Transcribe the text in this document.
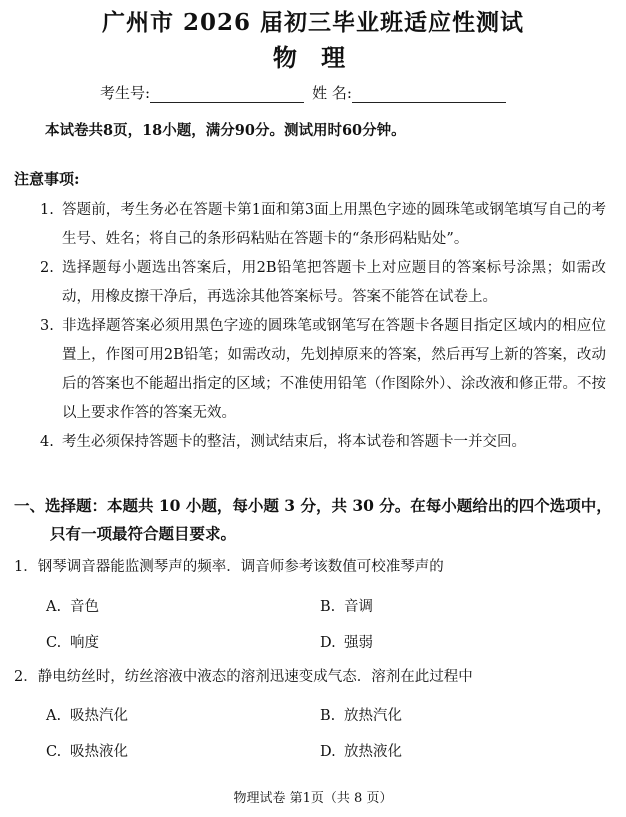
广州市 2026 届初三毕业班适应性测试
物 理
考生号:	姓 名:
本试卷共8页，18小题，满分90分。测试用时60分钟。
注意事项:
1. 答题前，考生务必在答题卡第1面和第3面上用黑色字迹的圆珠笔或钢笔填写自己的考生号、姓名；将自己的条形码粘贴在答题卡的“条形码粘贴处”。
2. 选择题每小题选出答案后，用2B铅笔把答题卡上对应题目的答案标号涂黑；如需改动，用橡皮擦干净后，再选涂其他答案标号。答案不能答在试卷上。
3. 非选择题答案必须用黑色字迹的圆珠笔或钢笔写在答题卡各题目指定区域内的相应位置上，作图可用2B铅笔；如需改动，先划掉原来的答案，然后再写上新的答案，改动后的答案也不能超出指定的区域；不准使用铅笔（作图除外）、涂改液和修正带。不按以上要求作答的答案无效。
4. 考生必须保持答题卡的整洁，测试结束后，将本试卷和答题卡一并交回。
一、选择题：本题共 10 小题，每小题 3 分，共 30 分。在每小题给出的四个选项中，
只有一项最符合题目要求。
1．钢琴调音器能监测琴声的频率．调音师参考该数值可校准琴声的
A. 音色	B. 音调
C. 响度	D. 强弱
2．静电纺丝时，纺丝溶液中液态的溶剂迅速变成气态．溶剂在此过程中
A. 吸热汽化	B. 放热汽化
C. 吸热液化	D. 放热液化
物理试卷 第1页（共 8 页）
